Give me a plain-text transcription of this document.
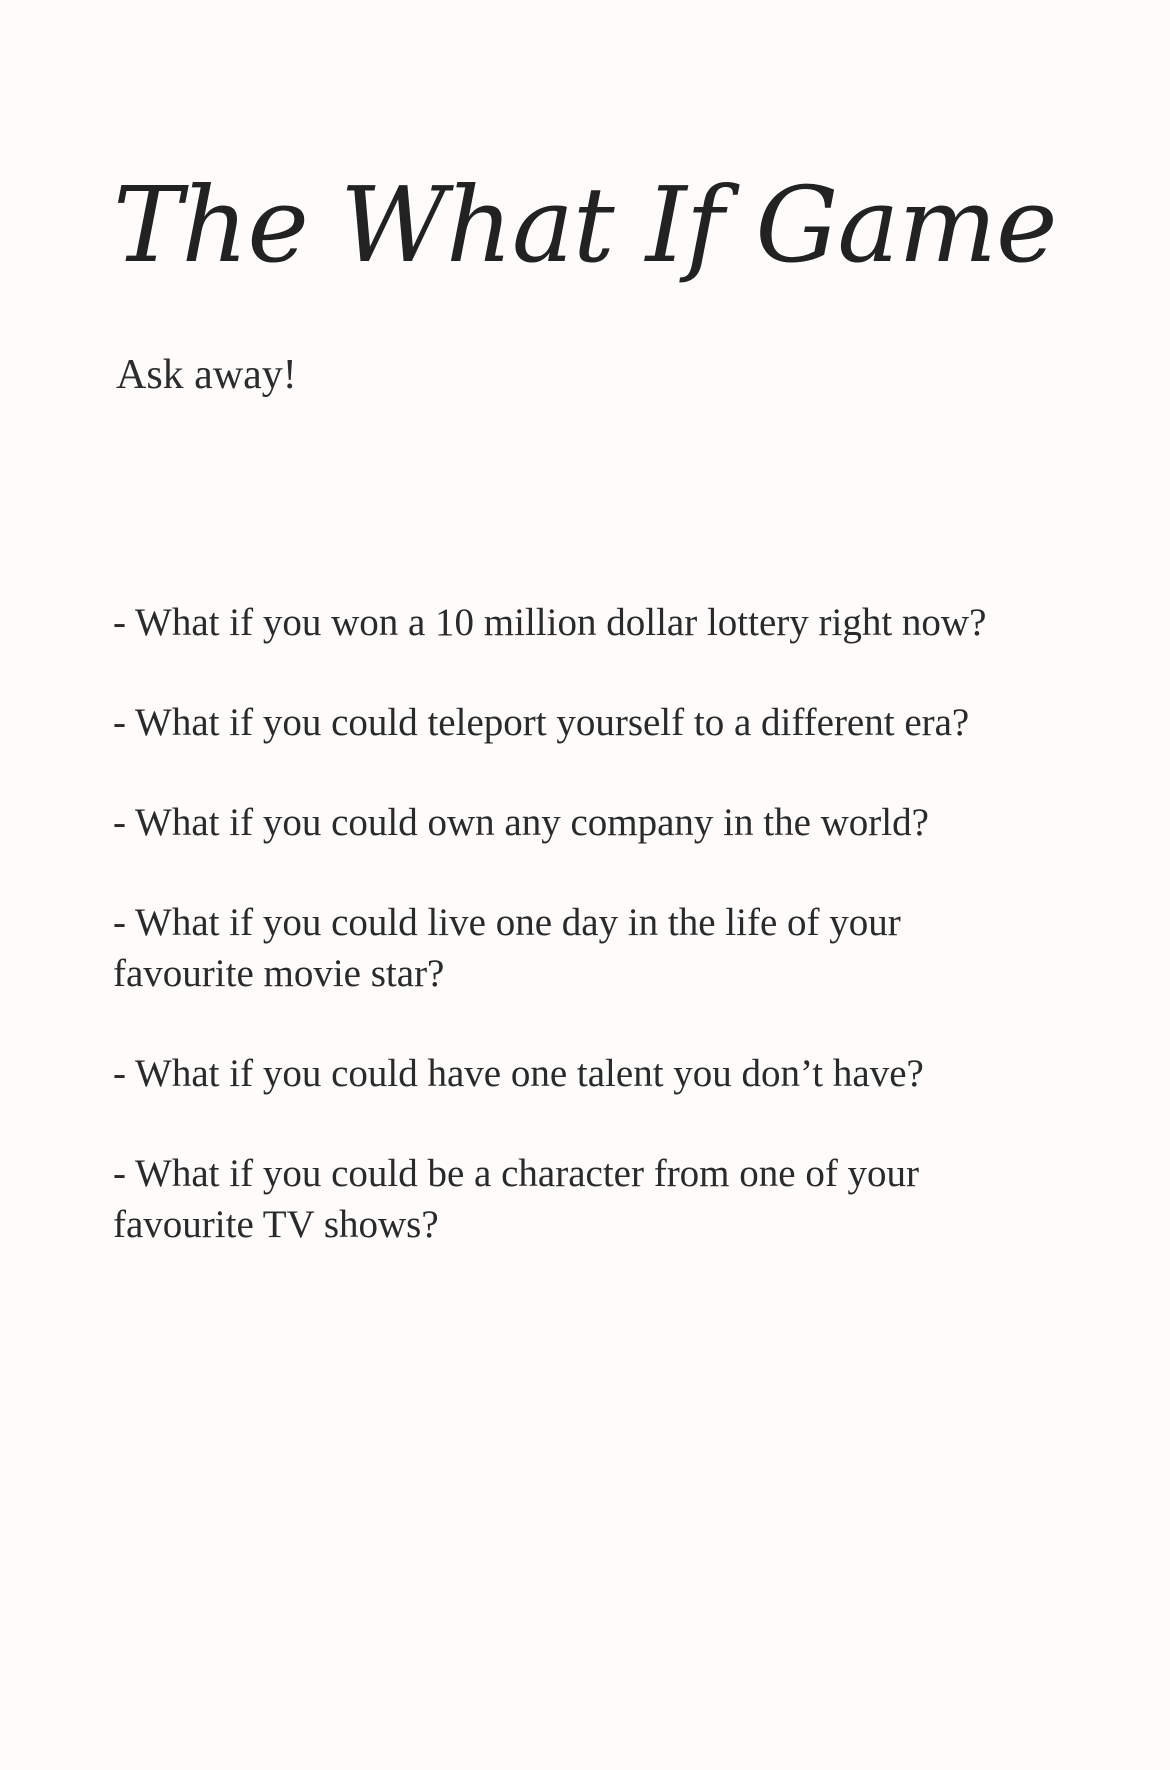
The What If Game

Ask away!

- What if you won a 10 million dollar lottery right now?
- What if you could teleport yourself to a different era?
- What if you could own any company in the world?
- What if you could live one day in the life of your
favourite movie star?
- What if you could have one talent you don’t have?
- What if you could be a character from one of your
favourite TV shows?
